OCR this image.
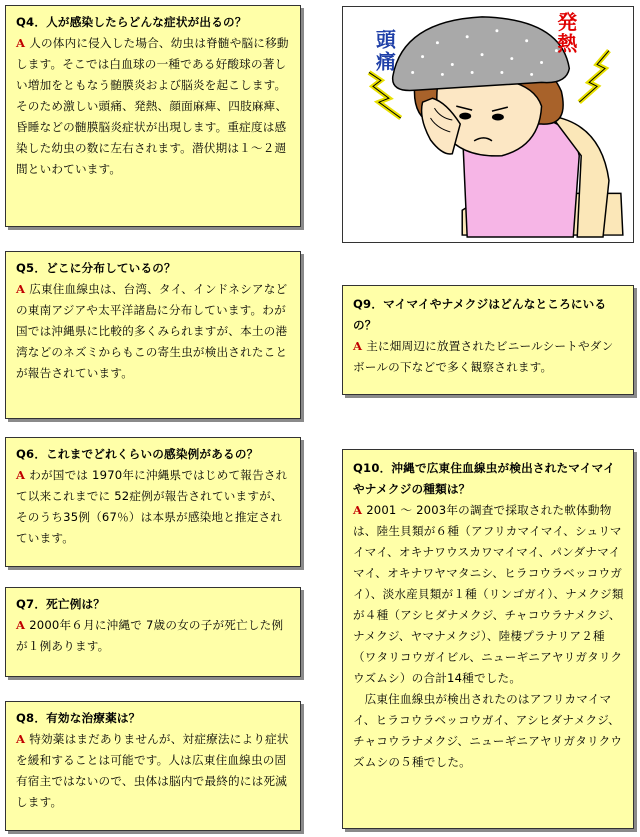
Q4．人が感染したらどんな症状が出るの？
A 人の体内に侵入した場合、幼虫は脊髄や脳に移動します。そこでは白血球の一種である好酸球の著しい増加をともなう髄膜炎および脳炎を起こします。そのため激しい頭痛、発熱、顔面麻痺、四肢麻痺、昏睡などの髄膜脳炎症状が出現します。重症度は感染した幼虫の数に左右されます。潜伏期は１～２週間といわています。
頭
痛
発
熱
Q5．どこに分布しているの？
A 広東住血線虫は、台湾、タイ、インドネシアなどの東南アジアや太平洋諸島に分布しています。わが国では沖縄県に比較的多くみられますが、本土の港湾などのネズミからもこの寄生虫が検出されたことが報告されています。
Q9．マイマイやナメクジはどんなところにいるの？
A 主に畑周辺に放置されたビニールシートやダンボールの下などで多く観察されます。
Q6．これまでどれくらいの感染例があるの？
A わが国では 1970年に沖縄県ではじめて報告されて以来これまでに 52症例が報告されていますが、そのうち35例（67％）は本県が感染地と推定されています。
Q10．沖縄で広東住血線虫が検出されたマイマイやナメクジの種類は？
A 2001 ～ 2003年の調査で採取された軟体動物は、陸生貝類が６種（アフリカマイマイ、シュリマイマイ、オキナワウスカワマイマイ、パンダナマイマイ、オキナワヤマタニシ、ヒラコウラベッコウガイ）、淡水産貝類が１種（リンゴガイ）、ナメクジ類が４種（アシヒダナメクジ、チャコウラナメクジ、ナメクジ、ヤマナメクジ）、陸棲プラナリア２種（ワタリコウガイビル、ニューギニアヤリガタリクウズムシ）の合計14種でした。
広東住血線虫が検出されたのはアフリカマイマイ、ヒラコウラベッコウガイ、アシヒダナメクジ、チャコウラナメクジ、ニューギニアヤリガタリクウズムシの５種でした。
Q7．死亡例は？
A 2000年６月に沖縄で 7歳の女の子が死亡した例が１例あります。
Q8．有効な治療薬は？
A 特効薬はまだありませんが、対症療法により症状を緩和することは可能です。人は広東住血線虫の固有宿主ではないので、虫体は脳内で最終的には死滅します。
